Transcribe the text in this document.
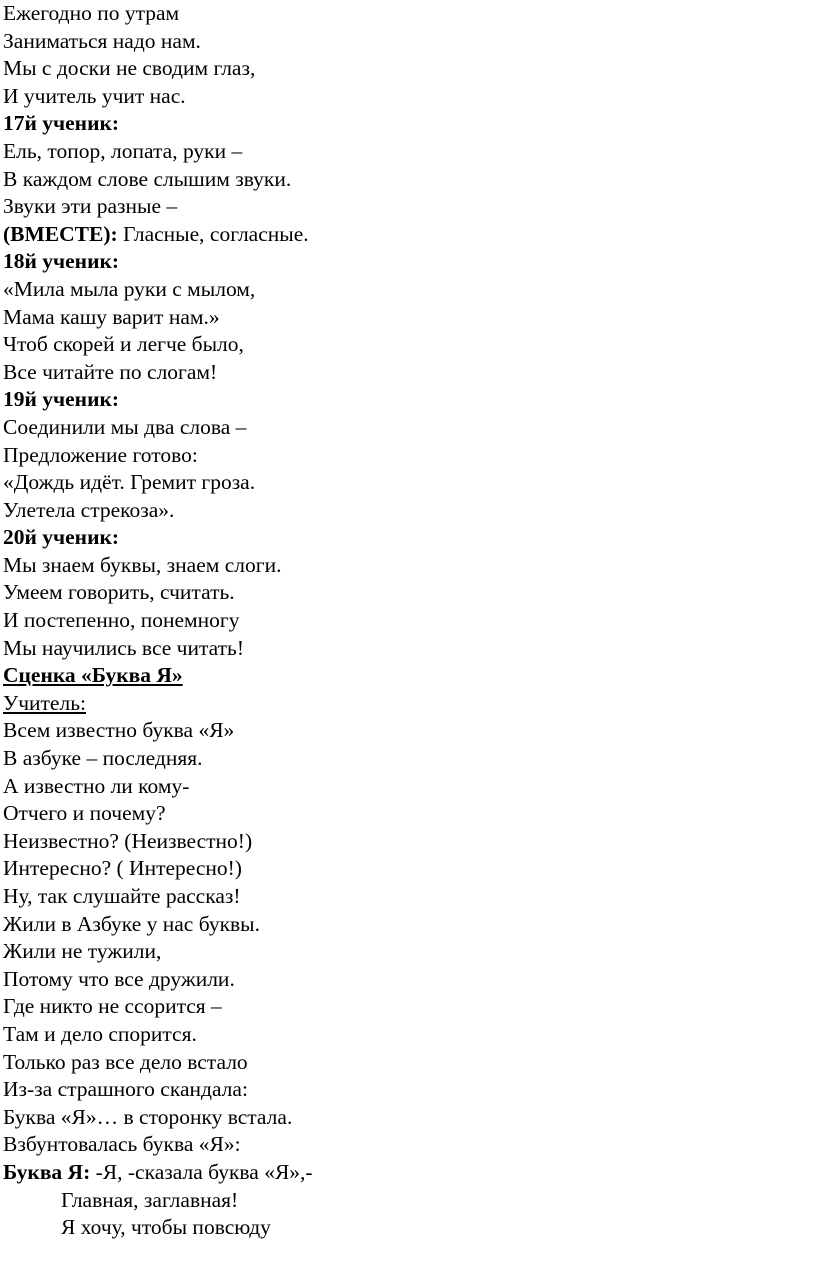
Ежегодно по утрам
Заниматься надо нам.
Мы с доски не сводим глаз,
И учитель учит нас.
17й ученик:
Ель, топор, лопата, руки –
В каждом слове слышим звуки.
Звуки эти разные –
(ВМЕСТЕ): Гласные, согласные.
18й ученик:
«Мила мыла руки с мылом,
Мама кашу варит нам.»
Чтоб скорей и легче было,
Все читайте по слогам!
19й ученик:
Соединили мы два слова –
Предложение готово:
«Дождь идёт. Гремит гроза.
Улетела стрекоза».
20й ученик:
Мы знаем буквы, знаем слоги.
Умеем говорить, считать.
И постепенно, понемногу
Мы научились все читать!
Сценка «Буква Я»
Учитель:
Всем известно буква «Я»
В азбуке – последняя.
А известно ли кому-
Отчего и почему?
Неизвестно? (Неизвестно!)
Интересно? ( Интересно!)
Ну, так слушайте рассказ!
Жили в Азбуке у нас буквы.
Жили не тужили,
Потому что все дружили.
Где никто не ссорится –
Там и дело спорится.
Только раз все дело встало
Из-за страшного скандала:
Буква «Я»… в сторонку встала.
Взбунтовалась буква «Я»:
Буква Я: -Я, -сказала буква «Я»,-
Главная, заглавная!
Я хочу, чтобы повсюду
